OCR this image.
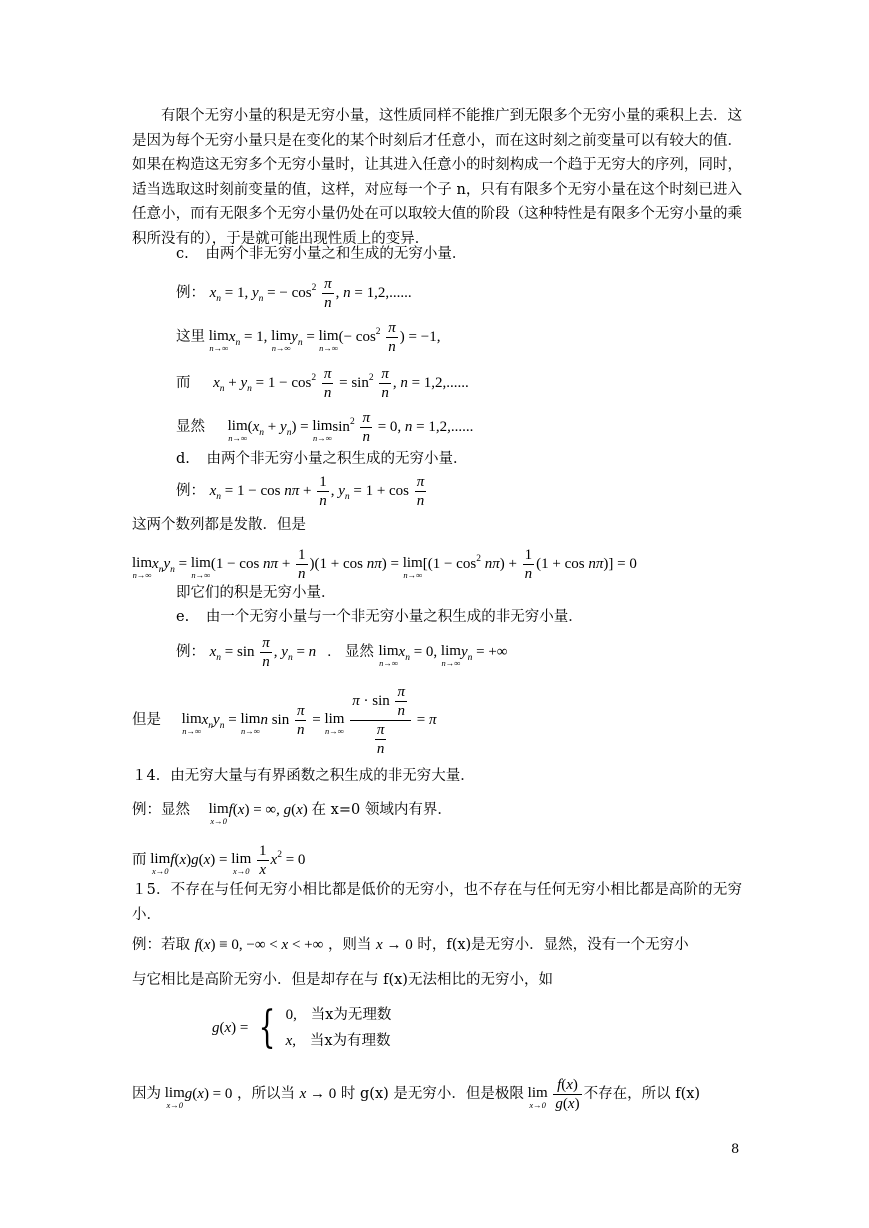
有限个无穷小量的积是无穷小量，这性质同样不能推广到无限多个无穷小量的乘积上去．这是因为每个无穷小量只是在变化的某个时刻后才任意小，而在这时刻之前变量可以有较大的值．如果在构造这无穷多个无穷小量时，让其进入任意小的时刻构成一个趋于无穷大的序列，同时，适当选取这时刻前变量的值，这样，对应每一个子 n，只有有限多个无穷小量在这个时刻已进入任意小，而有无限多个无穷小量仍处在可以取较大值的阶段（这种特性是有限多个无穷小量的乘积所没有的），于是就可能出现性质上的变异．
c. 由两个非无穷小量之和生成的无穷小量．
例： $x_n = 1$, $y_n$ = − $\cos^2 \frac{\pi}{n}$ , n = 1,2,......
这里 lim
n→∞
$x_n = 1$, lim
n→∞
$y_n = \lim$
n→∞
(− $\cos^2 \frac{\pi}{n}$ ) = −1,
而 $x_n + y_n = 1 - \cos^2 \frac{\pi}{n} = \sin^2 \frac{\pi}{n}$ , n = 1,2,......
显然 lim
n→∞
$(x_n + y_n) = \lim$
n→∞
$\sin^2 \frac{\pi}{n} = 0$, n = 1,2,......
d. 由两个非无穷小量之积生成的无穷小量．
例： $x_n = 1 - \cos n\pi + \frac{1}{n}$ , $y_n = 1 + \cos \frac{\pi}{n}$
这两个数列都是发散．但是
lim
n→∞
$x_ny_n = \lim$
n→∞
$(1 - \cos n\pi + \frac{1}{n} )(1 + \cos n\pi) = \lim$
n→∞
$[(1 - \cos^2 n\pi) + \frac{1}{n} (1 + \cos n\pi)] = 0$
即它们的积是无穷小量．
e. 由一个无穷小量与一个非无穷小量之积生成的非无穷小量．
例： $x_n = \sin \frac{\pi}{n}$ , $y_n = n$   . 显然 lim
n→∞
$x_n = 0$, lim
n→∞
$y_n$ = +∞
但是 lim
n→∞
$x_ny_n = \lim$
n→∞
n $\sin \frac{\pi}{n} = \lim$
n→∞
$\frac{\pi \cdot \sin \frac{\pi}{n}}{\frac{\pi}{n}} = \pi$
１4．由无穷大量与有界函数之积生成的非无穷大量．
例：显然 lim
x→0
f(x) = ∞, g(x) 在 x=0 领域内有界．
而 lim
x→0
f(x)g(x) = lim
x→0
$\frac{1}{x} x^2 = 0$
１5．不存在与任何无穷小相比都是低价的无穷小，也不存在与任何无穷小相比都是高阶的无穷小．
例：若取 f(x) ≡ 0, −∞ < x < +∞ ，则当 x → 0 时，f(x)是无穷小．显然，没有一个无穷小
与它相比是高阶无穷小．但是却存在与 f(x)无法相比的无穷小，如
g(x) = { 0, 当x为无理数
x, 当x为有理数
因为 lim
x→0
g(x) = 0 ，所以当 x → 0 时 g(x) 是无穷小．但是极限 lim
x→0
$\frac{f(x)}{g(x)}$ 不存在，所以 f(x)
8
